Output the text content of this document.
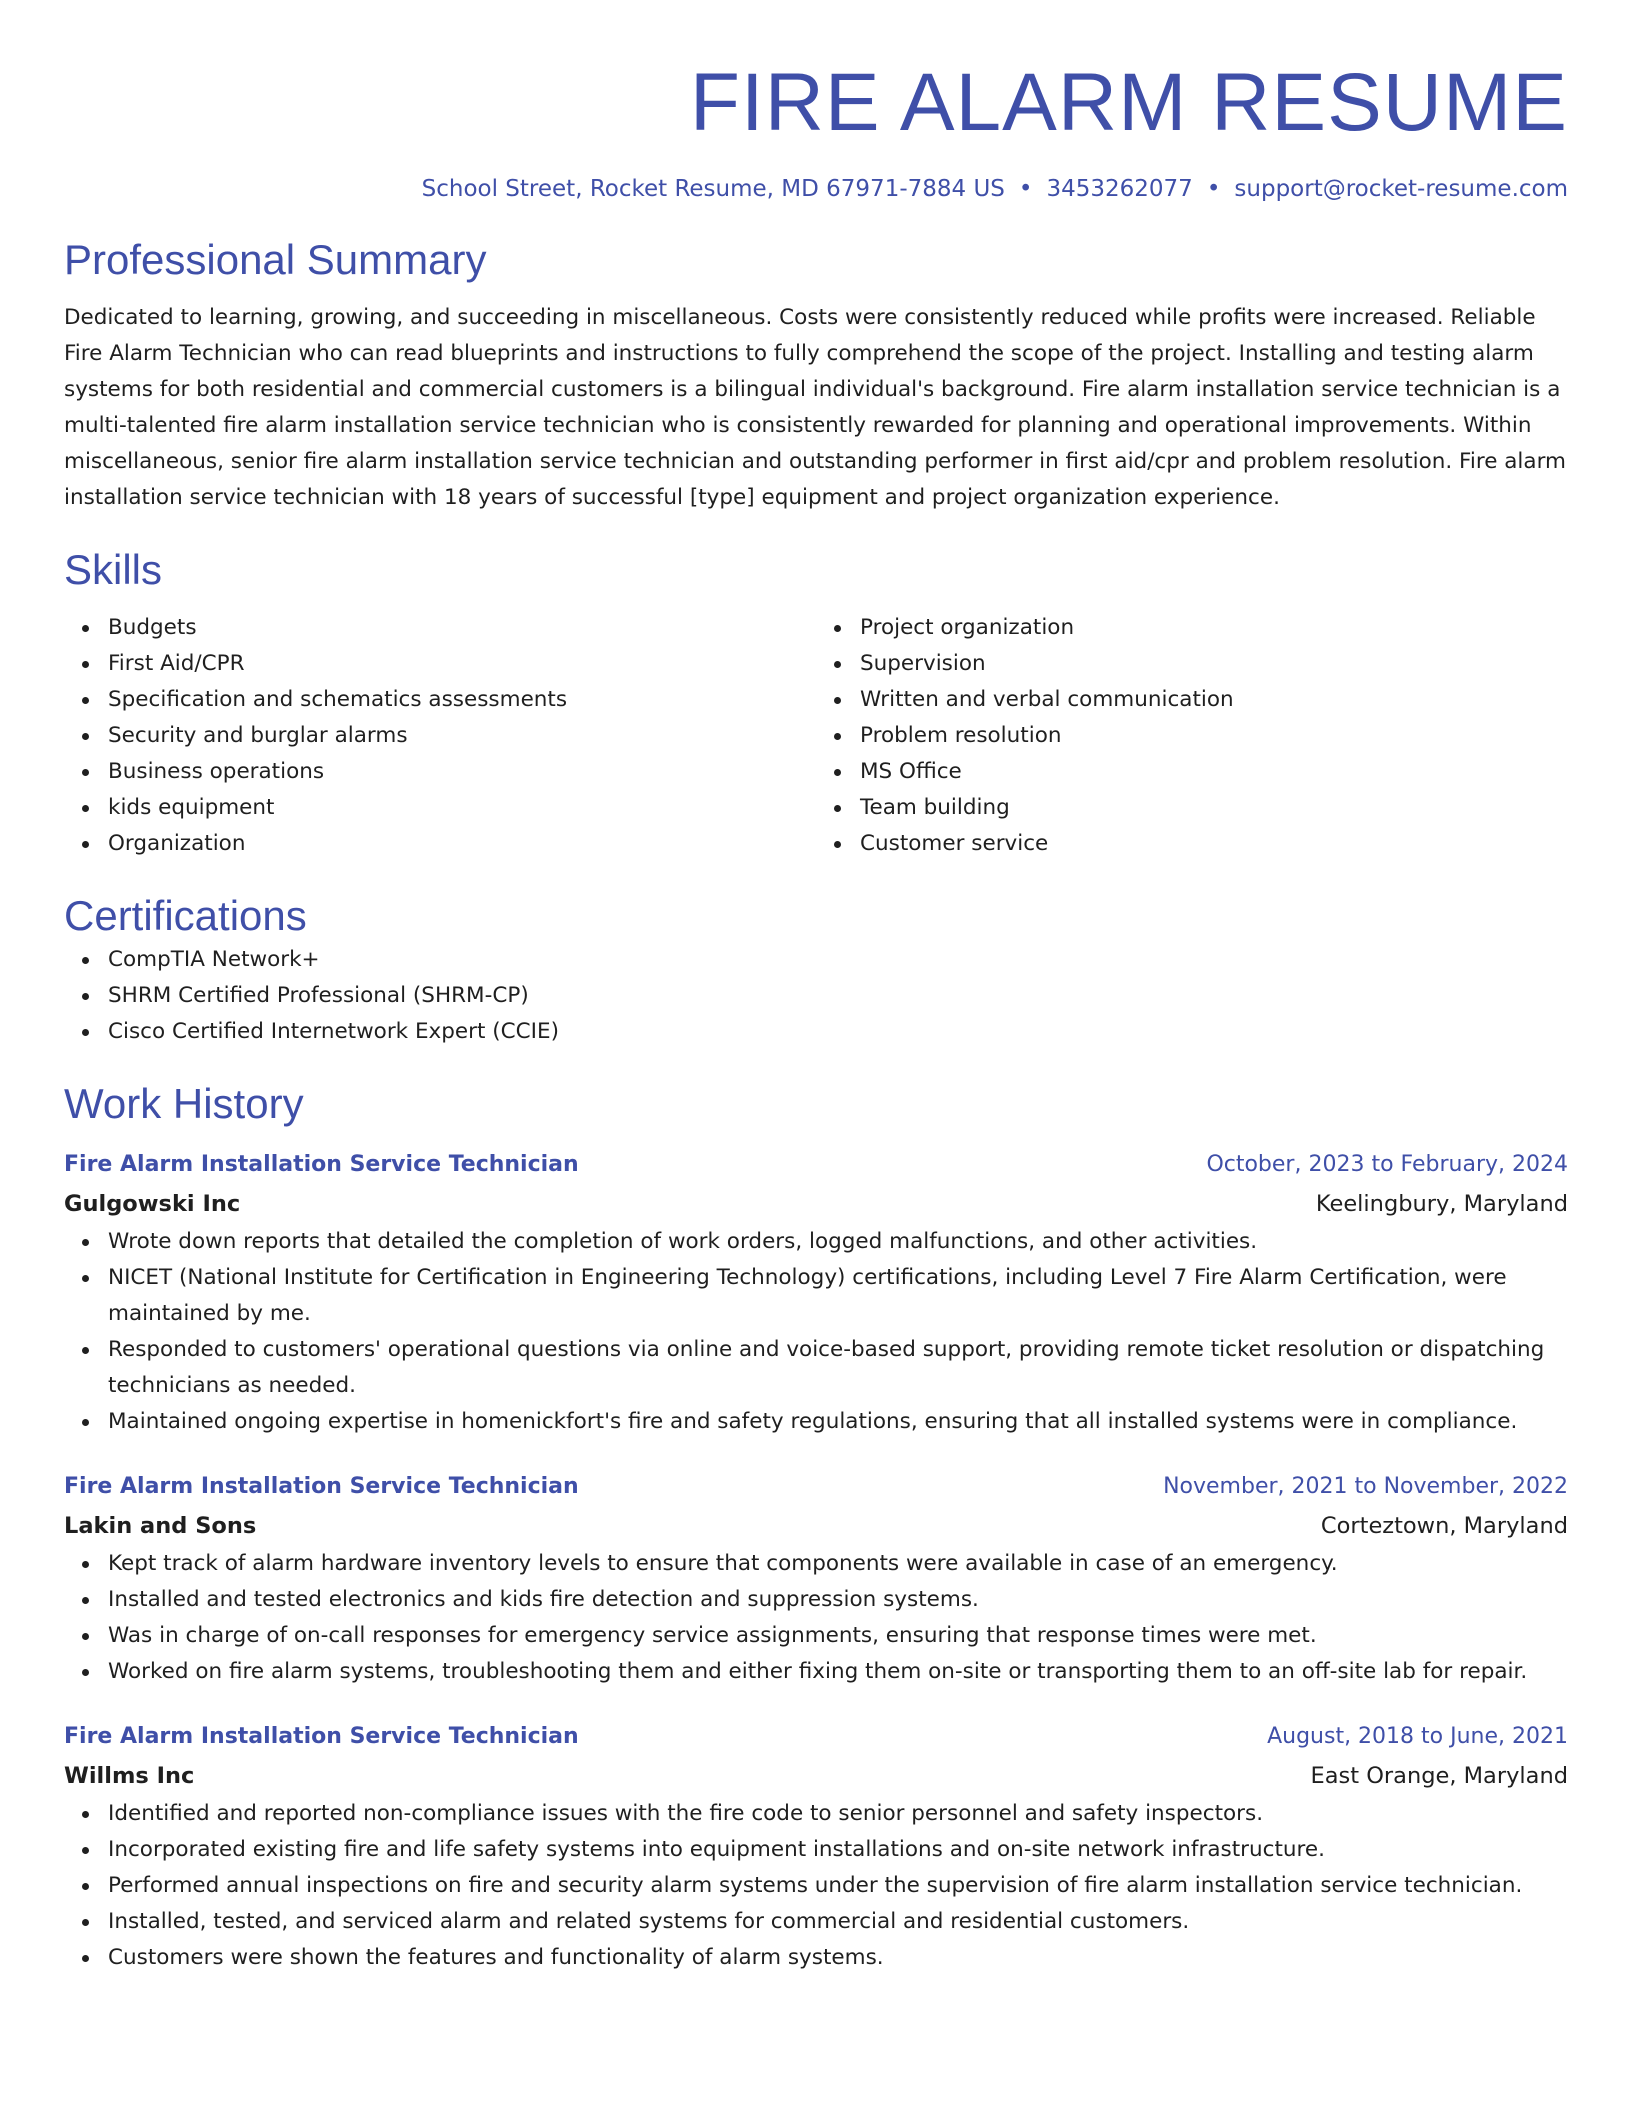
FIRE ALARM RESUME
School Street, Rocket Resume, MD 67971-7884 US • 3453262077 • support@rocket-resume.com
Professional Summary

Dedicated to learning, growing, and succeeding in miscellaneous. Costs were consistently reduced while profits were increased. Reliable Fire Alarm Technician who can read blueprints and instructions to fully comprehend the scope of the project. Installing and testing alarm systems for both residential and commercial customers is a bilingual individual's background. Fire alarm installation service technician is a multi-talented fire alarm installation service technician who is consistently rewarded for planning and operational improvements. Within miscellaneous, senior fire alarm installation service technician and outstanding performer in first aid/cpr and problem resolution. Fire alarm installation service technician with 18 years of successful [type] equipment and project organization experience.

Skills
Budgets
First Aid/CPR
Specification and schematics assessments
Security and burglar alarms
Business operations
kids equipment
Organization
Project organization
Supervision
Written and verbal communication
Problem resolution
MS Office
Team building
Customer service
Certifications
CompTIA Network+
SHRM Certified Professional (SHRM-CP)
Cisco Certified Internetwork Expert (CCIE)
Work History
Fire Alarm Installation Service Technician	October, 2023 to February, 2024
Gulgowski Inc	Keelingbury, Maryland
Wrote down reports that detailed the completion of work orders, logged malfunctions, and other activities.
NICET (National Institute for Certification in Engineering Technology) certifications, including Level 7 Fire Alarm Certification, were maintained by me.
Responded to customers' operational questions via online and voice-based support, providing remote ticket resolution or dispatching technicians as needed.
Maintained ongoing expertise in homenickfort's fire and safety regulations, ensuring that all installed systems were in compliance.
Fire Alarm Installation Service Technician	November, 2021 to November, 2022
Lakin and Sons	Corteztown, Maryland
Kept track of alarm hardware inventory levels to ensure that components were available in case of an emergency.
Installed and tested electronics and kids fire detection and suppression systems.
Was in charge of on-call responses for emergency service assignments, ensuring that response times were met.
Worked on fire alarm systems, troubleshooting them and either fixing them on-site or transporting them to an off-site lab for repair.
Fire Alarm Installation Service Technician	August, 2018 to June, 2021
Willms Inc	East Orange, Maryland
Identified and reported non-compliance issues with the fire code to senior personnel and safety inspectors.
Incorporated existing fire and life safety systems into equipment installations and on-site network infrastructure.
Performed annual inspections on fire and security alarm systems under the supervision of fire alarm installation service technician.
Installed, tested, and serviced alarm and related systems for commercial and residential customers.
Customers were shown the features and functionality of alarm systems.
